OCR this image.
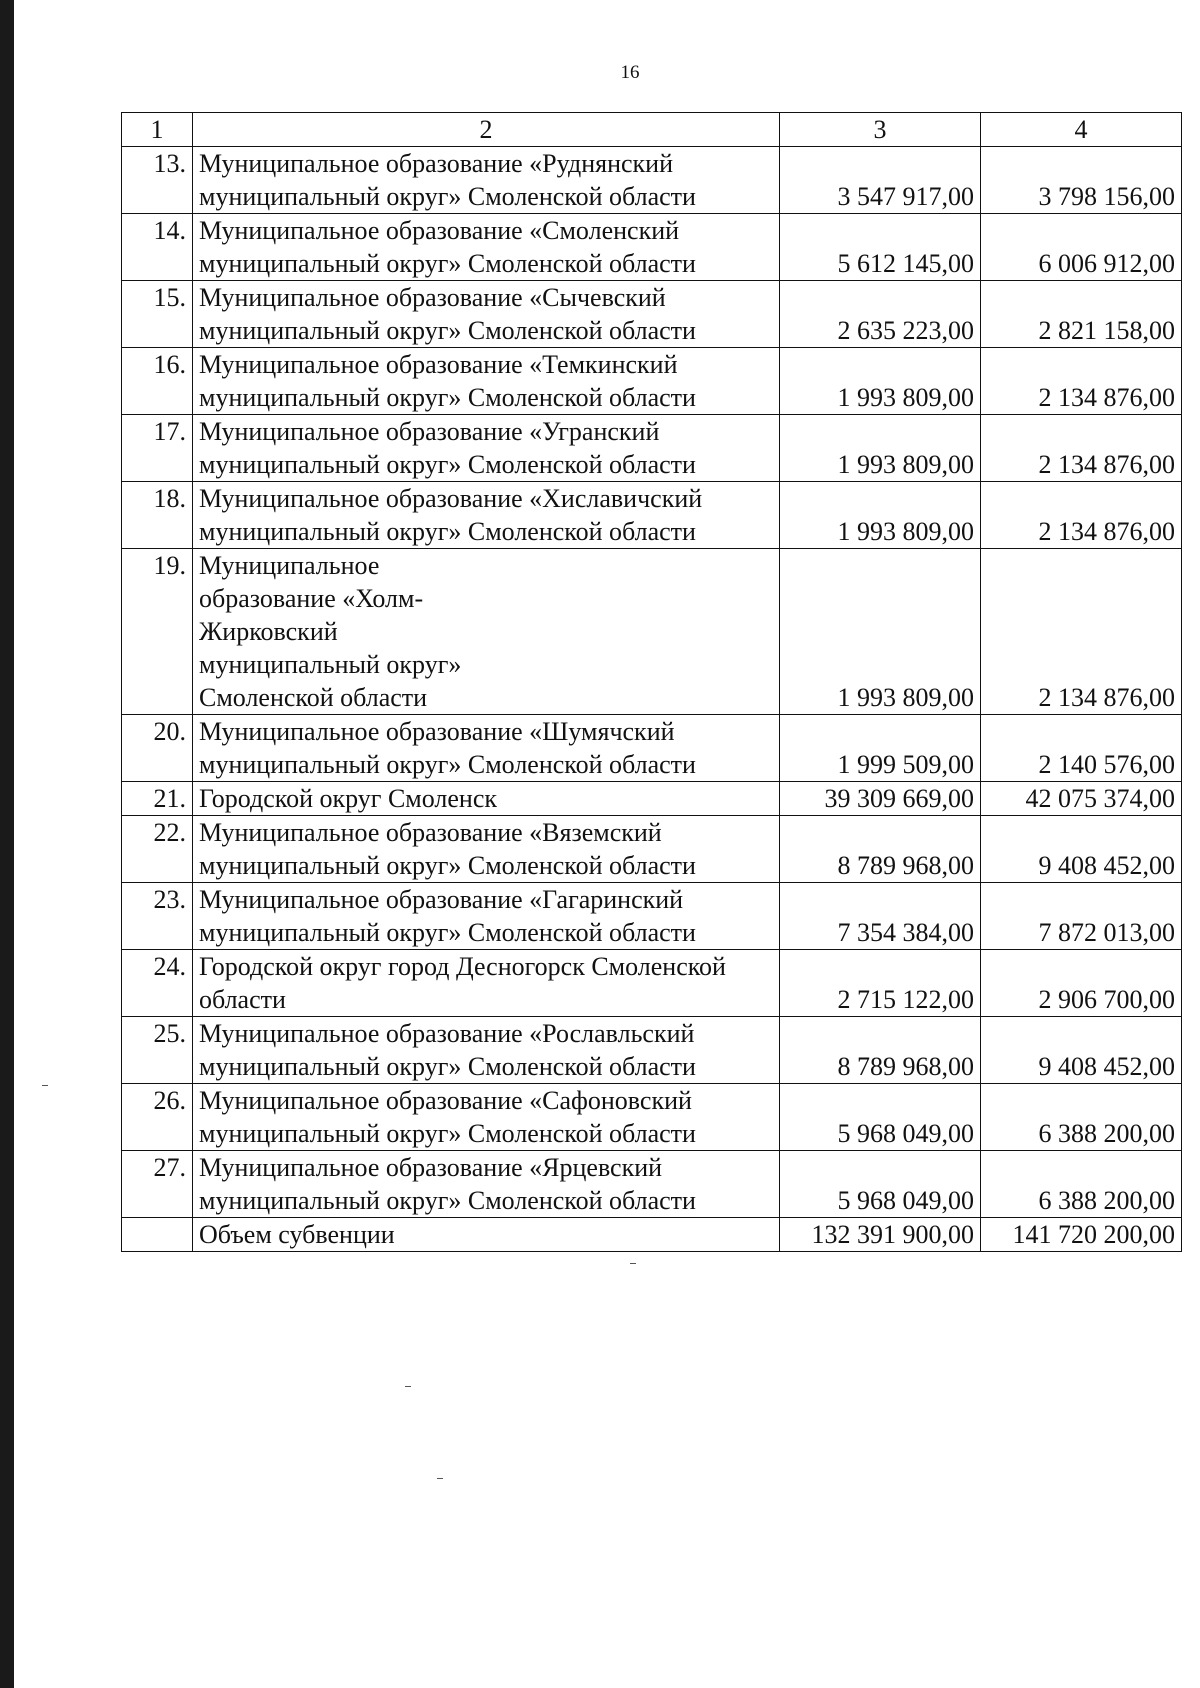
16
1	2	3	4
13.	Муниципальное образование «Руднянский муниципальный округ» Смоленской области	3 547 917,00	3 798 156,00
14.	Муниципальное образование «Смоленский муниципальный округ» Смоленской области	5 612 145,00	6 006 912,00
15.	Муниципальное образование «Сычевский муниципальный округ» Смоленской области	2 635 223,00	2 821 158,00
16.	Муниципальное образование «Темкинский муниципальный округ» Смоленской области	1 993 809,00	2 134 876,00
17.	Муниципальное образование «Угранский муниципальный округ» Смоленской области	1 993 809,00	2 134 876,00
18.	Муниципальное образование «Хиславичский муниципальный округ» Смоленской области	1 993 809,00	2 134 876,00
19.	Муниципальное образование «Холм-Жирковский муниципальный округ» Смоленской области	1 993 809,00	2 134 876,00
20.	Муниципальное образование «Шумячский муниципальный округ» Смоленской области	1 999 509,00	2 140 576,00
21.	Городской округ Смоленск	39 309 669,00	42 075 374,00
22.	Муниципальное образование «Вяземский муниципальный округ» Смоленской области	8 789 968,00	9 408 452,00
23.	Муниципальное образование «Гагаринский муниципальный округ» Смоленской области	7 354 384,00	7 872 013,00
24.	Городской округ город Десногорск Смоленской области	2 715 122,00	2 906 700,00
25.	Муниципальное образование «Рославльский муниципальный округ» Смоленской области	8 789 968,00	9 408 452,00
26.	Муниципальное образование «Сафоновский муниципальный округ» Смоленской области	5 968 049,00	6 388 200,00
27.	Муниципальное образование «Ярцевский муниципальный округ» Смоленской области	5 968 049,00	6 388 200,00
	Объем субвенции	132 391 900,00	141 720 200,00
